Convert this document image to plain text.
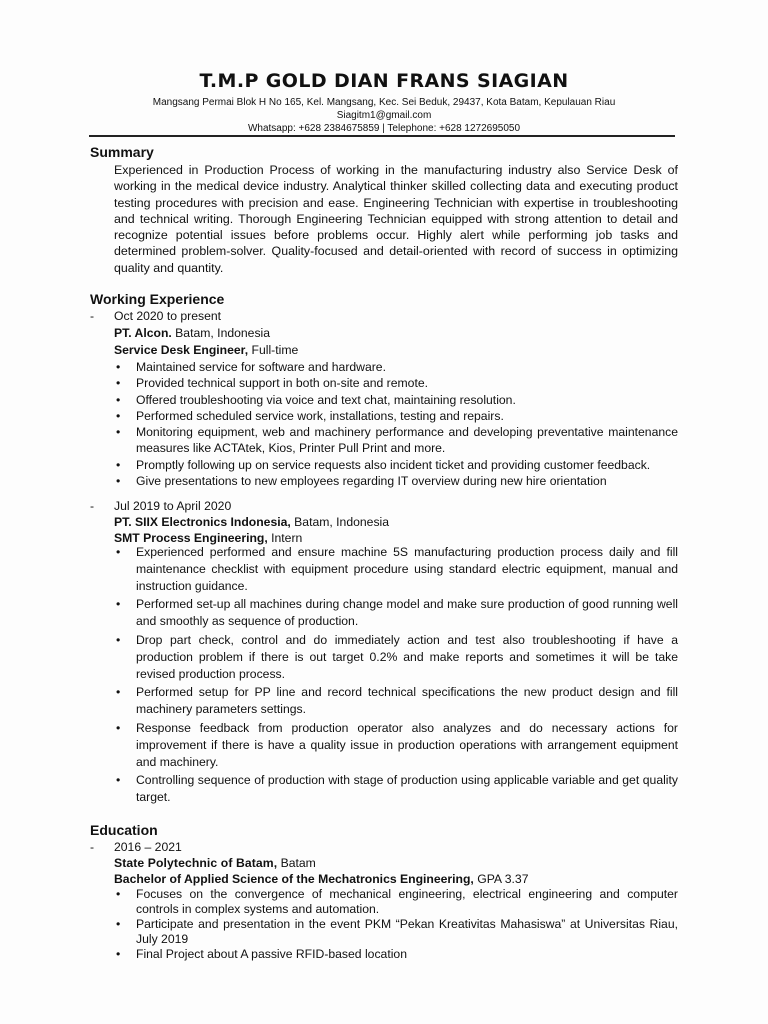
T.M.P GOLD DIAN FRANS SIAGIAN
Mangsang Permai Blok H No 165, Kel. Mangsang, Kec. Sei Beduk, 29437, Kota Batam, Kepulauan Riau
Siagitm1@gmail.com
Whatsapp: +628 2384675859 | Telephone: +628 1272695050
Summary
Experienced in Production Process of working in the manufacturing industry also Service Desk of working in the medical device industry. Analytical thinker skilled collecting data and executing product testing procedures with precision and ease. Engineering Technician with expertise in troubleshooting and technical writing. Thorough Engineering Technician equipped with strong attention to detail and recognize potential issues before problems occur. Highly alert while performing job tasks and determined problem-solver. Quality-focused and detail-oriented with record of success in optimizing quality and quantity.
Working Experience
- Oct 2020 to present
PT. Alcon. Batam, Indonesia
Service Desk Engineer, Full-time
• Maintained service for software and hardware.
• Provided technical support in both on-site and remote.
• Offered troubleshooting via voice and text chat, maintaining resolution.
• Performed scheduled service work, installations, testing and repairs.
• Monitoring equipment, web and machinery performance and developing preventative maintenance measures like ACTAtek, Kios, Printer Pull Print and more.
• Promptly following up on service requests also incident ticket and providing customer feedback.
• Give presentations to new employees regarding IT overview during new hire orientation
- Jul 2019 to April 2020
PT. SIIX Electronics Indonesia, Batam, Indonesia
SMT Process Engineering, Intern
• Experienced performed and ensure machine 5S manufacturing production process daily and fill maintenance checklist with equipment procedure using standard electric equipment, manual and instruction guidance.
• Performed set-up all machines during change model and make sure production of good running well and smoothly as sequence of production.
• Drop part check, control and do immediately action and test also troubleshooting if have a production problem if there is out target 0.2% and make reports and sometimes it will be take revised production process.
• Performed setup for PP line and record technical specifications the new product design and fill machinery parameters settings.
• Response feedback from production operator also analyzes and do necessary actions for improvement if there is have a quality issue in production operations with arrangement equipment and machinery.
• Controlling sequence of production with stage of production using applicable variable and get quality target.
Education
- 2016 – 2021
State Polytechnic of Batam, Batam
Bachelor of Applied Science of the Mechatronics Engineering, GPA 3.37
• Focuses on the convergence of mechanical engineering, electrical engineering and computer controls in complex systems and automation.
• Participate and presentation in the event PKM “Pekan Kreativitas Mahasiswa” at Universitas Riau, July 2019
• Final Project about A passive RFID-based location
